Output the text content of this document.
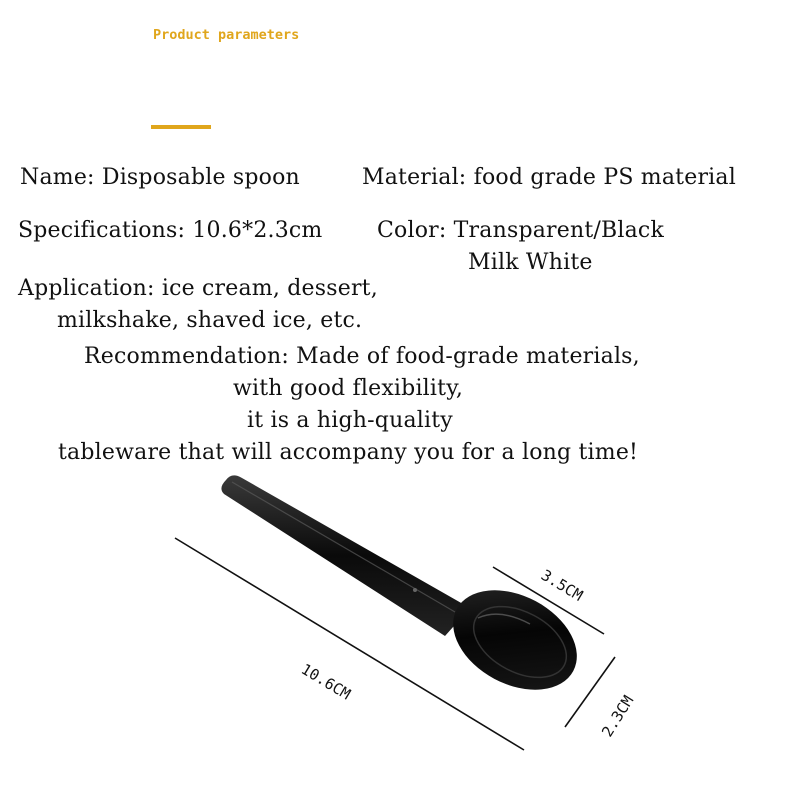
Product parameters
Name: Disposable spoon	Material: food grade PS material
Specifications: 10.6*2.3cm Color: Transparent/Black
Milk White
Application: ice cream, dessert,
milkshake, shaved ice, etc.
Recommendation: Made of food-grade materials,
with good flexibility,
it is a high-quality
tableware that will accompany you for a long time!
10.6CM
3.5CM
2.3CM
